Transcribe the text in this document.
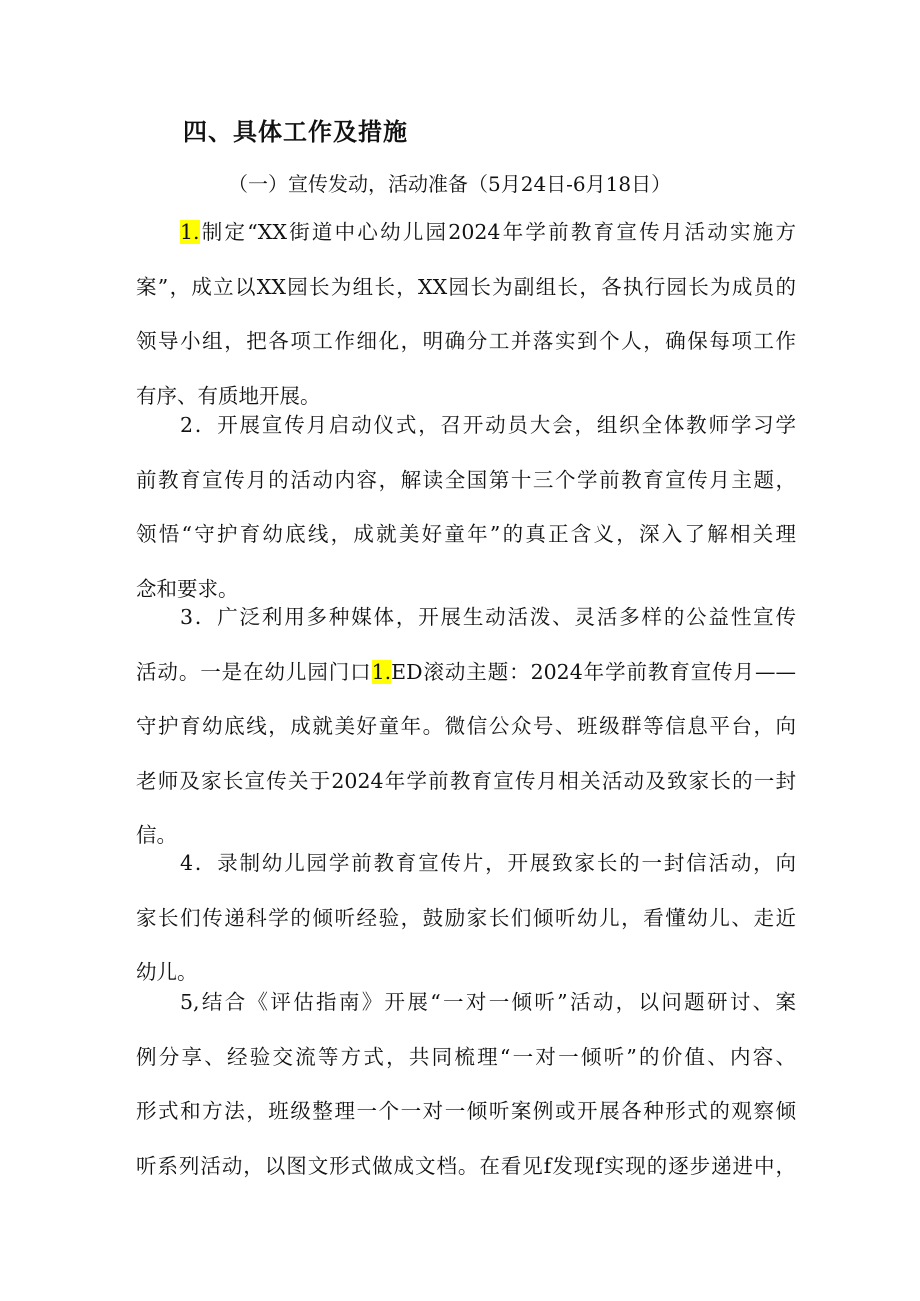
四、具体工作及措施
（一）宣传发动，活动准备（5月24日-6月18日）
1.制定“XX街道中心幼儿园2024年学前教育宣传月活动实施方
案”，成立以XX园长为组长，XX园长为副组长，各执行园长为成员的
领导小组，把各项工作细化，明确分工并落实到个人，确保每项工作
有序、有质地开展。
2．开展宣传月启动仪式，召开动员大会，组织全体教师学习学
前教育宣传月的活动内容，解读全国第十三个学前教育宣传月主题，
领悟“守护育幼底线，成就美好童年”的真正含义，深入了解相关理
念和要求。
3．广泛利用多种媒体，开展生动活泼、灵活多样的公益性宣传
活动。一是在幼儿园门口1.ED滚动主题：2024年学前教育宣传月——
守护育幼底线，成就美好童年。微信公众号、班级群等信息平台，向
老师及家长宣传关于2024年学前教育宣传月相关活动及致家长的一封
信。
4．录制幼儿园学前教育宣传片，开展致家长的一封信活动，向
家长们传递科学的倾听经验，鼓励家长们倾听幼儿，看懂幼儿、走近
幼儿。
5,结合《评估指南》开展“一对一倾听”活动，以问题研讨、案
例分享、经验交流等方式，共同梳理“一对一倾听”的价值、内容、
形式和方法，班级整理一个一对一倾听案例或开展各种形式的观察倾
听系列活动，以图文形式做成文档。在看见f发现f实现的逐步递进中，
